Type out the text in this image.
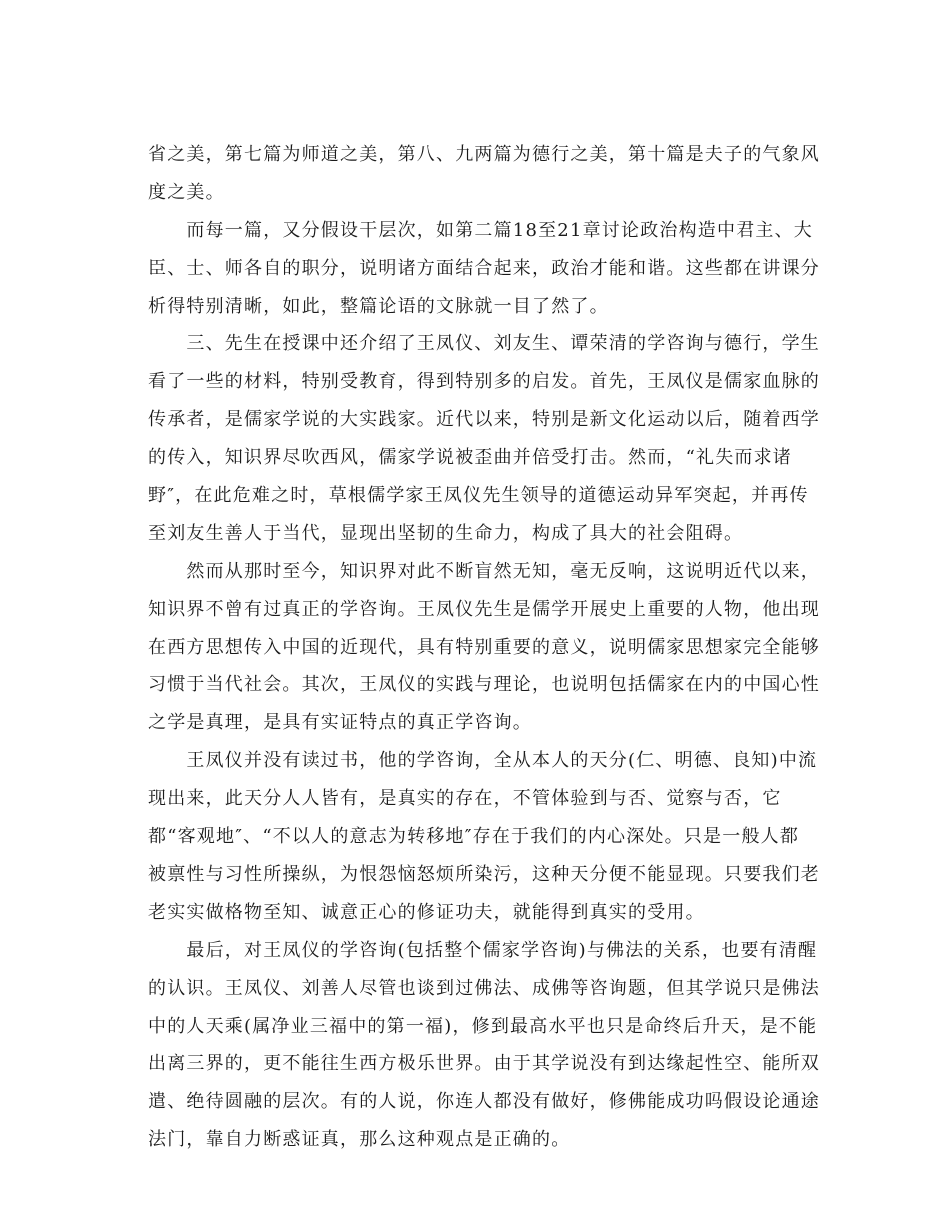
省之美，第七篇为师道之美，第八、九两篇为德行之美，第十篇是夫子的气象风
度之美。
　　而每一篇，又分假设干层次，如第二篇18至21章讨论政治构造中君主、大
臣、士、师各自的职分，说明诸方面结合起来，政治才能和谐。这些都在讲课分
析得特别清晰，如此，整篇论语的文脉就一目了然了。
　　三、先生在授课中还介绍了王凤仪、刘友生、谭荣清的学咨询与德行，学生
看了一些的材料，特别受教育，得到特别多的启发。首先，王凤仪是儒家血脉的
传承者，是儒家学说的大实践家。近代以来，特别是新文化运动以后，随着西学
的传入，知识界尽吹西风，儒家学说被歪曲并倍受打击。然而，“礼失而求诸
野″，在此危难之时，草根儒学家王凤仪先生领导的道德运动异军突起，并再传
至刘友生善人于当代，显现出坚韧的生命力，构成了具大的社会阻碍。
　　然而从那时至今，知识界对此不断盲然无知，毫无反响，这说明近代以来，
知识界不曾有过真正的学咨询。王凤仪先生是儒学开展史上重要的人物，他出现
在西方思想传入中国的近现代，具有特别重要的意义，说明儒家思想家完全能够
习惯于当代社会。其次，王凤仪的实践与理论，也说明包括儒家在内的中国心性
之学是真理，是具有实证特点的真正学咨询。
　　王凤仪并没有读过书，他的学咨询，全从本人的天分(仁、明德、良知)中流
现出来，此天分人人皆有，是真实的存在，不管体验到与否、觉察与否，它
都“客观地″、“不以人的意志为转移地″存在于我们的内心深处。只是一般人都
被禀性与习性所操纵，为恨怨恼怒烦所染污，这种天分便不能显现。只要我们老
老实实做格物至知、诚意正心的修证功夫，就能得到真实的受用。
　　最后，对王凤仪的学咨询(包括整个儒家学咨询)与佛法的关系，也要有清醒
的认识。王凤仪、刘善人尽管也谈到过佛法、成佛等咨询题，但其学说只是佛法
中的人天乘(属净业三福中的第一福)，修到最高水平也只是命终后升天，是不能
出离三界的，更不能往生西方极乐世界。由于其学说没有到达缘起性空、能所双
遣、绝待圆融的层次。有的人说，你连人都没有做好，修佛能成功吗假设论通途
法门，靠自力断惑证真，那么这种观点是正确的。
